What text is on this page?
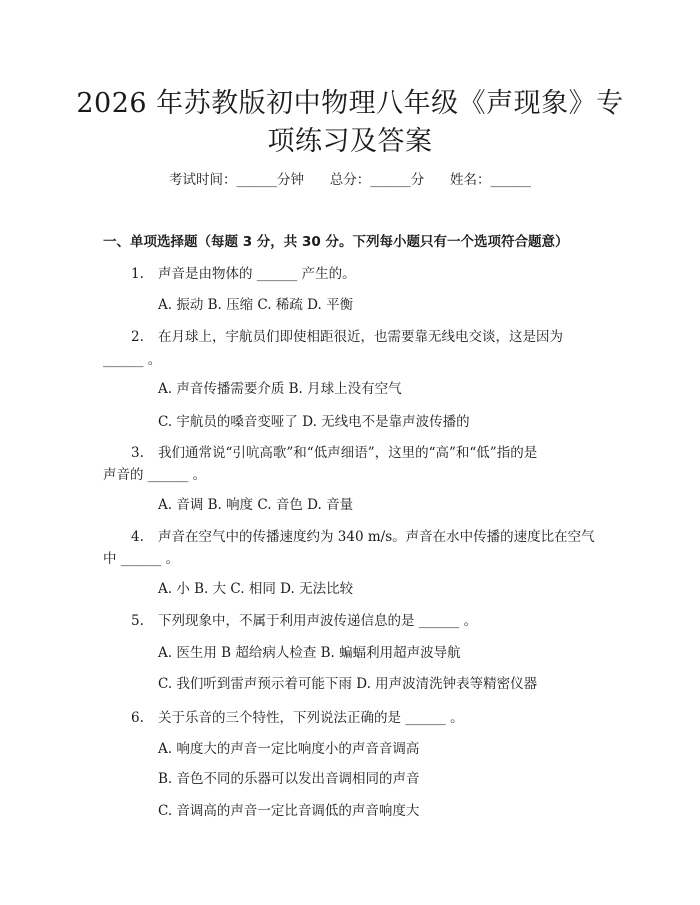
2026 年苏教版初中物理八年级《声现象》专
项练习及答案
考试时间：______分钟      总分：______分      姓名：______
一、单项选择题（每题 3 分，共 30 分。下列每小题只有一个选项符合题意）
1. 声音是由物体的 ______ 产生的。
A. 振动 B. 压缩 C. 稀疏 D. 平衡
2. 在月球上，宇航员们即使相距很近，也需要靠无线电交谈，这是因为
______ 。
A. 声音传播需要介质 B. 月球上没有空气
C. 宇航员的嗓音变哑了 D. 无线电不是靠声波传播的
3. 我们通常说“引吭高歌”和“低声细语”，这里的“高”和“低”指的是
声音的 ______ 。
A. 音调 B. 响度 C. 音色 D. 音量
4. 声音在空气中的传播速度约为 340 m/s。声音在水中传播的速度比在空气
中 ______ 。
A. 小 B. 大 C. 相同 D. 无法比较
5. 下列现象中，不属于利用声波传递信息的是 ______ 。
A. 医生用 B 超给病人检查 B. 蝙蝠利用超声波导航
C. 我们听到雷声预示着可能下雨 D. 用声波清洗钟表等精密仪器
6. 关于乐音的三个特性，下列说法正确的是 ______ 。
A. 响度大的声音一定比响度小的声音音调高
B. 音色不同的乐器可以发出音调相同的声音
C. 音调高的声音一定比音调低的声音响度大
